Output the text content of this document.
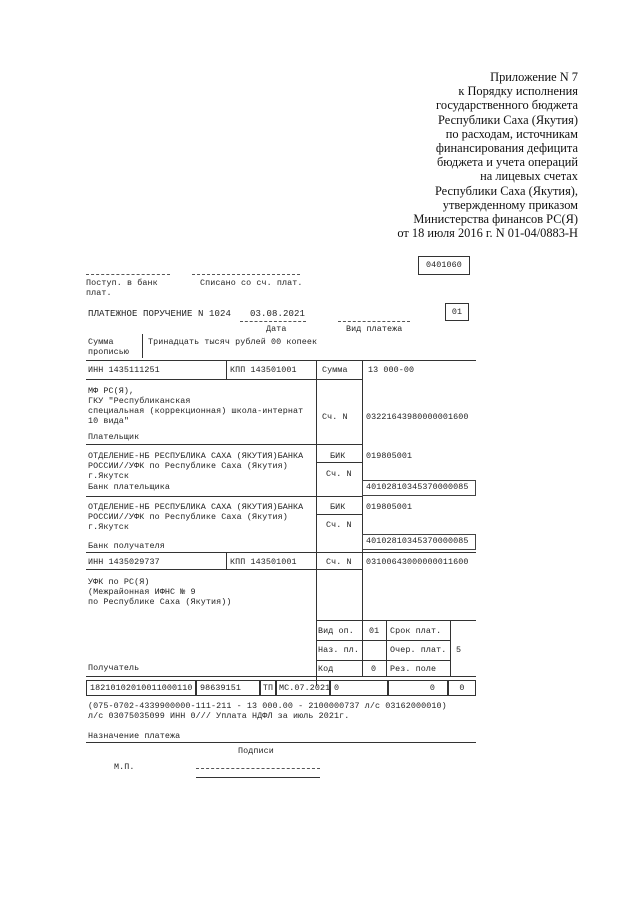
Приложение N 7
к Порядку исполнения
государственного бюджета
Республики Саха (Якутия)
по расходам, источникам
финансирования дефицита
бюджета и учета операций
на лицевых счетах
Республики Саха (Якутия),
утвержденному приказом
Министерства финансов РС(Я)
от 18 июля 2016 г. N 01-04/0883-Н
0401060
Поступ. в банк
плат.
Списано со сч. плат.
ПЛАТЕЖНОЕ ПОРУЧЕНИЕ N 1024 03.08.2021
Дата	Вид платежа
01
Сумма
прописью
Тринадцать тысяч рублей 00 копеек
ИНН 1435111251	КПП 143501001	Сумма 13 000-00
МФ РС(Я),
ГКУ "Республиканская
специальная (коррекционная) школа-интернат
10 вида"	Сч. N 03221643980000001600
Плательщик
ОТДЕЛЕНИЕ-НБ РЕСПУБЛИКА САХА (ЯКУТИЯ)БАНКА
РОССИИ//УФК по Республике Саха (Якутия)
г.Якутск
Банк плательщика
БИК 019805001
Сч. N
40102810345370000085
ОТДЕЛЕНИЕ-НБ РЕСПУБЛИКА САХА (ЯКУТИЯ)БАНКА
РОССИИ//УФК по Республике Саха (Якутия)
г.Якутск
Банк получателя
БИК 019805001
Сч. N
40102810345370000085
ИНН 1435029737	КПП 143501001	Сч. N 03100643000000011600
УФК по РС(Я)
(Межрайонная ИФНС № 9
по Республике Саха (Якутия))
Получатель
Вид оп. 01 Срок плат.
Наз. пл.	Очер. плат. 5
Код	0 Рез. поле
18210102010011000110 98639151	ТП МС.07.2021 0	0	0
(075-0702-4339900000-111-211 - 13 000.00 - 2100000737 л/с 03162000010)
л/с 03075035099 ИНН 0/// Уплата НДФЛ за июль 2021г.
Назначение платежа
Подписи
М.П.
